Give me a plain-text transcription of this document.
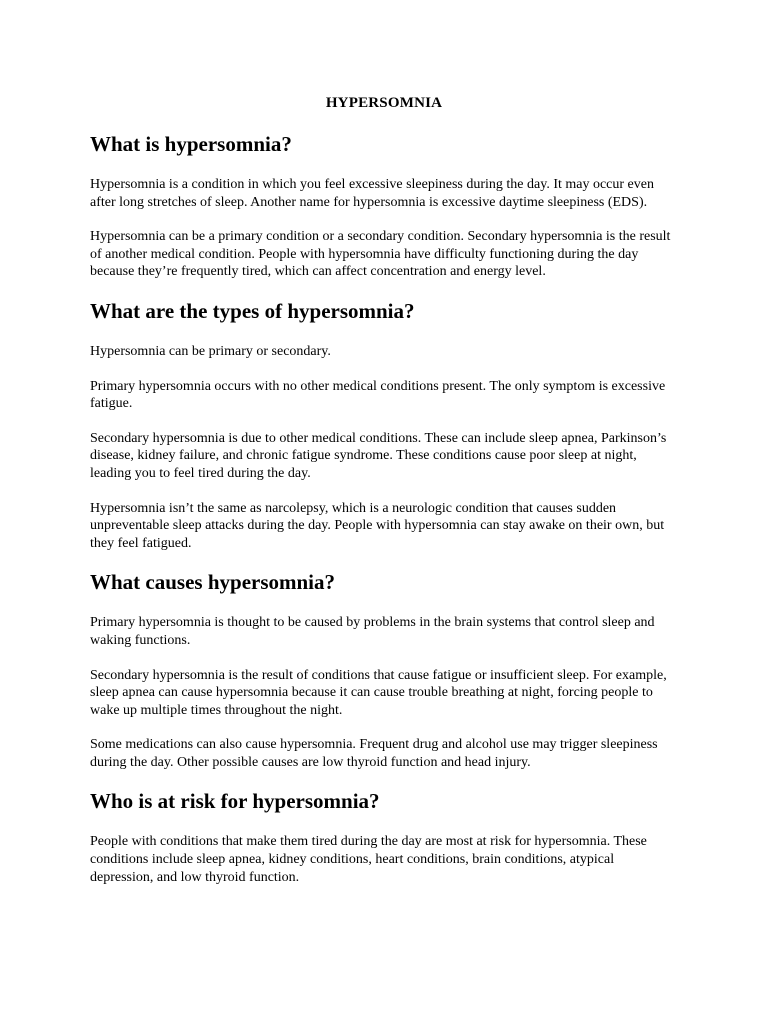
HYPERSOMNIA
What is hypersomnia?

Hypersomnia is a condition in which you feel excessive sleepiness during the day. It may occur even after long stretches of sleep. Another name for hypersomnia is excessive daytime sleepiness (EDS).

Hypersomnia can be a primary condition or a secondary condition. Secondary hypersomnia is the result of another medical condition. People with hypersomnia have difficulty functioning during the day because they’re frequently tired, which can affect concentration and energy level.

What are the types of hypersomnia?

Hypersomnia can be primary or secondary.

Primary hypersomnia occurs with no other medical conditions present. The only symptom is excessive fatigue.

Secondary hypersomnia is due to other medical conditions. These can include sleep apnea, Parkinson’s disease, kidney failure, and chronic fatigue syndrome. These conditions cause poor sleep at night, leading you to feel tired during the day.

Hypersomnia isn’t the same as narcolepsy, which is a neurologic condition that causes sudden unpreventable sleep attacks during the day. People with hypersomnia can stay awake on their own, but they feel fatigued.

What causes hypersomnia?

Primary hypersomnia is thought to be caused by problems in the brain systems that control sleep and waking functions.

Secondary hypersomnia is the result of conditions that cause fatigue or insufficient sleep. For example, sleep apnea can cause hypersomnia because it can cause trouble breathing at night, forcing people to wake up multiple times throughout the night.

Some medications can also cause hypersomnia. Frequent drug and alcohol use may trigger sleepiness during the day. Other possible causes are low thyroid function and head injury.

Who is at risk for hypersomnia?

People with conditions that make them tired during the day are most at risk for hypersomnia. These conditions include sleep apnea, kidney conditions, heart conditions, brain conditions, atypical depression, and low thyroid function.
